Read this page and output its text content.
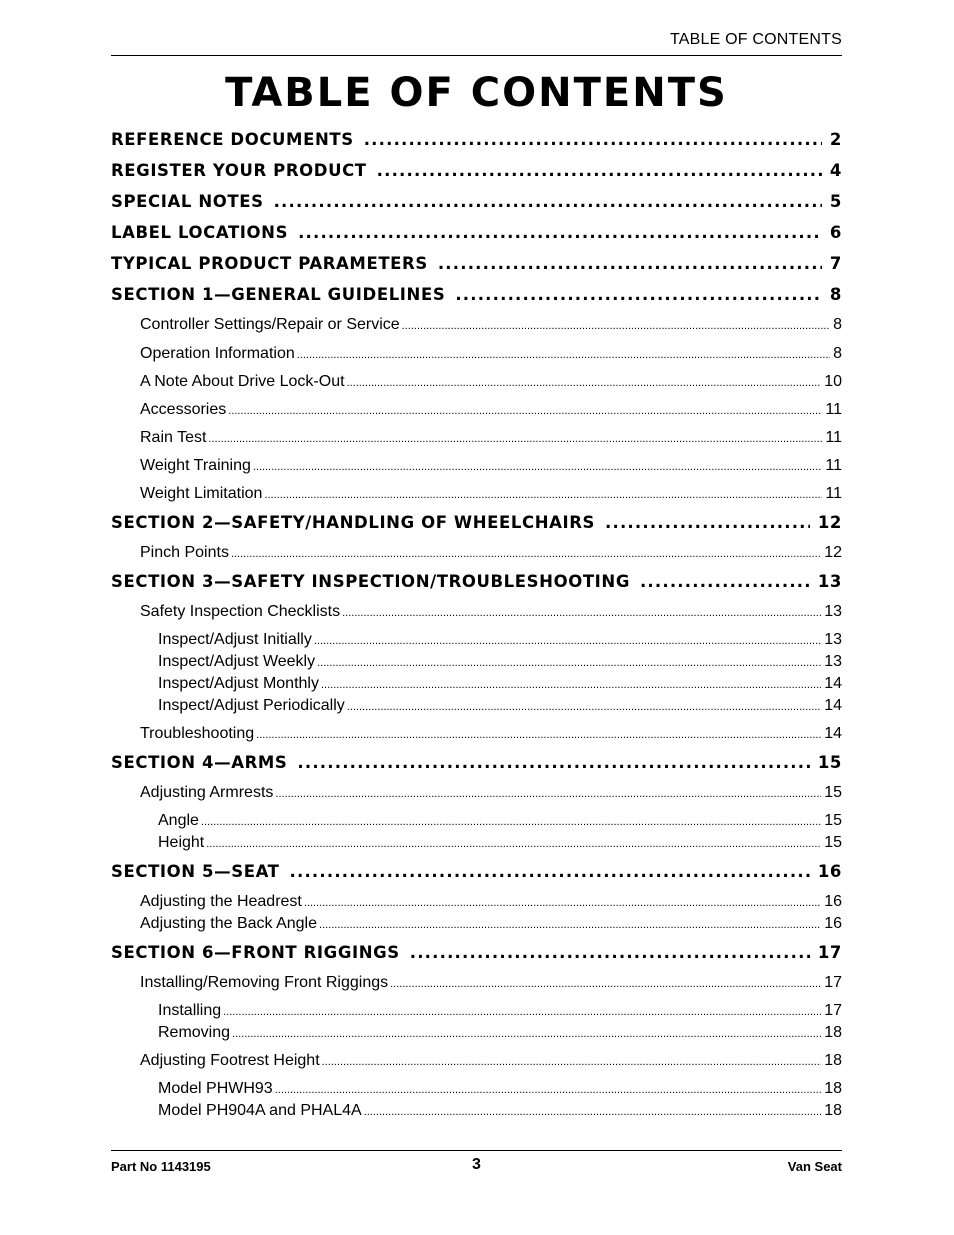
TABLE OF CONTENTS
TABLE OF CONTENTS
REFERENCE DOCUMENTS .....	2
REGISTER YOUR PRODUCT .....	4
SPECIAL NOTES .....	5
LABEL LOCATIONS .....	6
TYPICAL PRODUCT PARAMETERS .....	7
SECTION 1—GENERAL GUIDELINES .....	8
Controller Settings/Repair or Service .....	8
Operation Information .....	8
A Note About Drive Lock-Out .....	10
Accessories .....	11
Rain Test .....	11
Weight Training .....	11
Weight Limitation .....	11
SECTION 2—SAFETY/HANDLING OF WHEELCHAIRS .....	12
Pinch Points .....	12
SECTION 3—SAFETY INSPECTION/TROUBLESHOOTING .....	13
Safety Inspection Checklists .....	13
Inspect/Adjust Initially .....	13
Inspect/Adjust Weekly .....	13
Inspect/Adjust Monthly .....	14
Inspect/Adjust Periodically .....	14
Troubleshooting .....	14
SECTION 4—ARMS .....	15
Adjusting Armrests .....	15
Angle .....	15
Height .....	15
SECTION 5—SEAT .....	16
Adjusting the Headrest .....	16
Adjusting the Back Angle .....	16
SECTION 6—FRONT RIGGINGS .....	17
Installing/Removing Front Riggings .....	17
Installing .....	17
Removing .....	18
Adjusting Footrest Height .....	18
Model PHWH93 .....	18
Model PH904A and PHAL4A .....	18
Part No 1143195	3	Van Seat
